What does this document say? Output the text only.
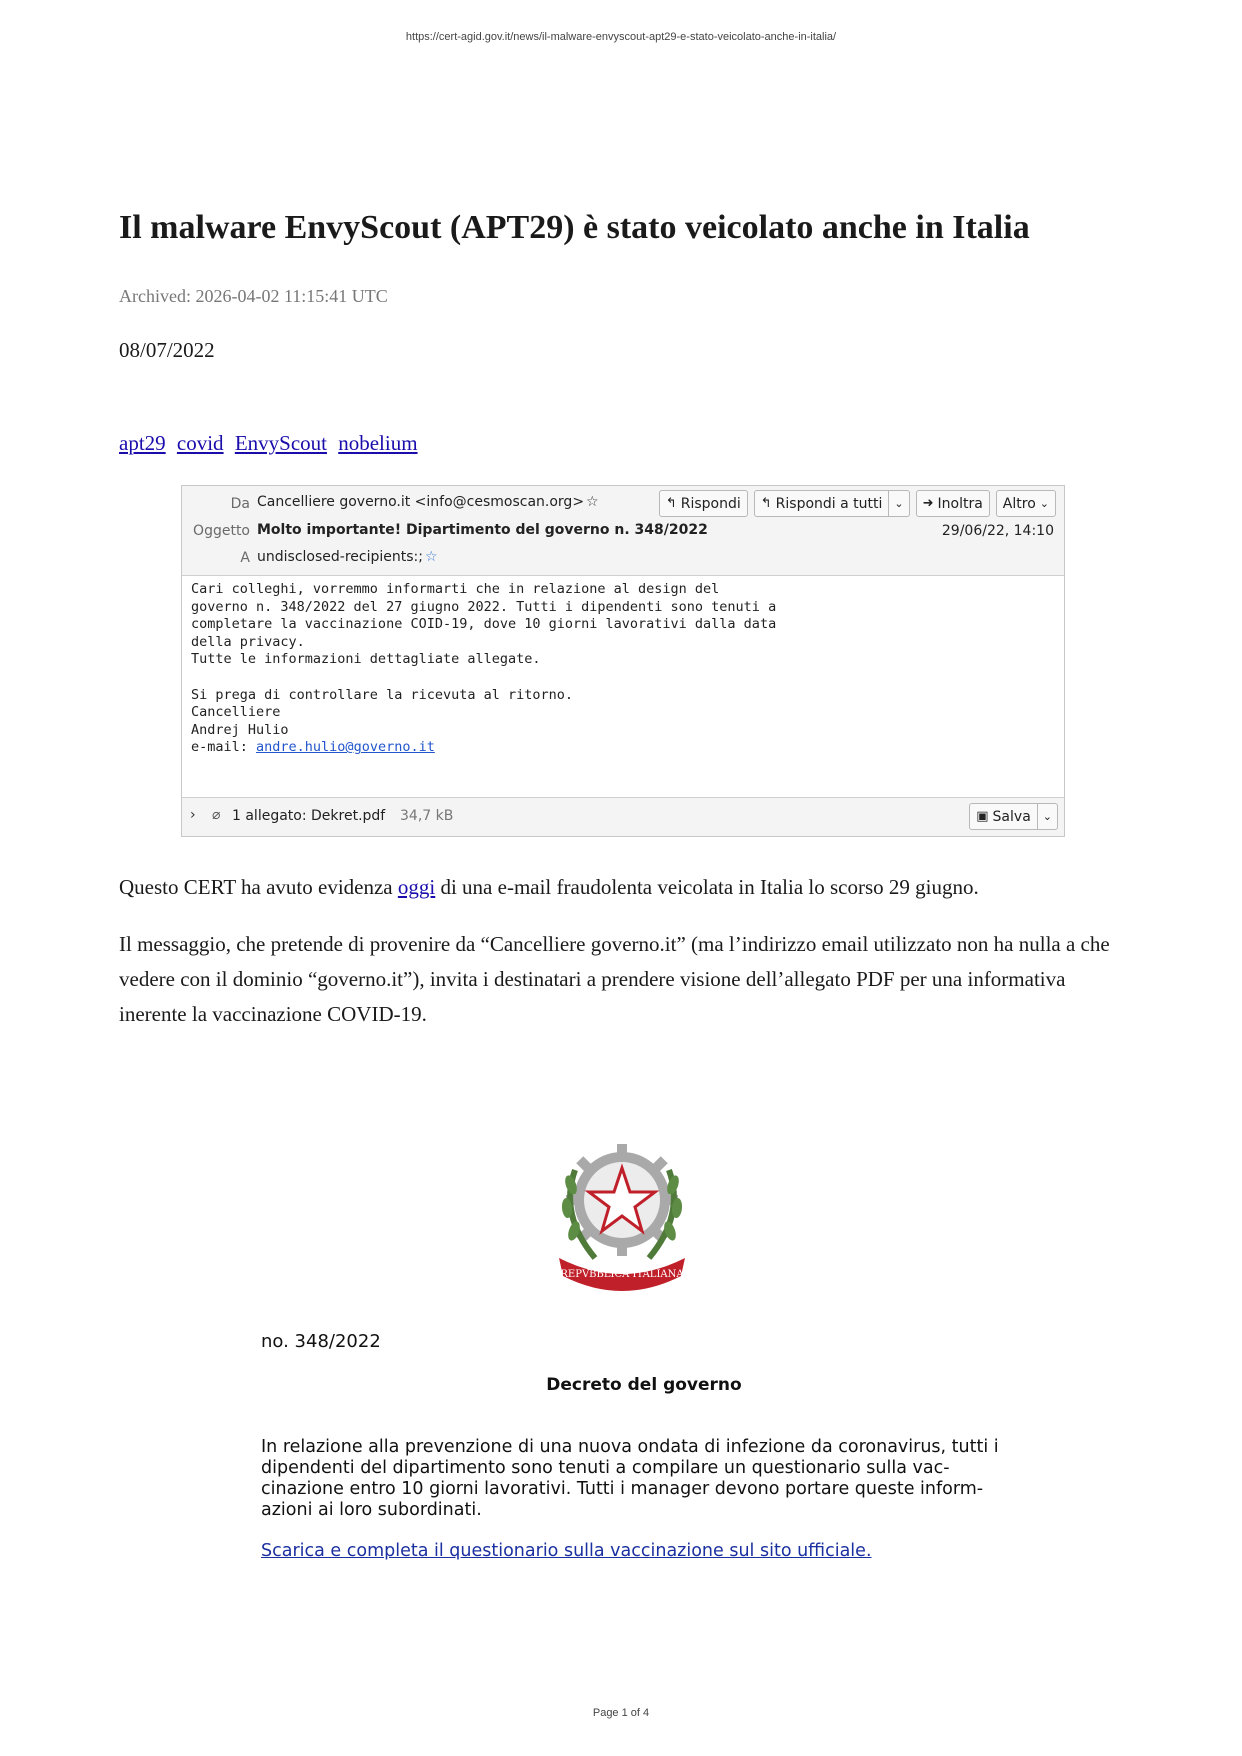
https://cert-agid.gov.it/news/il-malware-envyscout-apt29-e-stato-veicolato-anche-in-italia/
Il malware EnvyScout (APT29) è stato veicolato anche in Italia
Archived: 2026-04-02 11:15:41 UTC
08/07/2022
apt29 covid EnvyScout nobelium
Da Cancelliere governo.it <info@cesmoscan.org> ☆
Oggetto Molto importante! Dipartimento del governo n. 348/2022
A undisclosed-recipients:; ☆
↰ Rispondi ↰ Rispondi a tutti	⌄	➜ Inoltra Altro ⌄
29/06/22, 14:10
Cari colleghi, vorremmo informarti che in relazione al design del
governo n. 348/2022 del 27 giugno 2022. Tutti i dipendenti sono tenuti a
completare la vaccinazione COID-19, dove 10 giorni lavorativi dalla data
della privacy.
Tutte le informazioni dettagliate allegate.

Si prega di controllare la ricevuta al ritorno.
Cancelliere
Andrej Hulio
e-mail: andre.hulio@governo.it
› ⌀ 1 allegato: Dekret.pdf 34,7 kB	▣ Salva	⌄

Questo CERT ha avuto evidenza oggi di una e-mail fraudolenta veicolata in Italia lo scorso 29 giugno.

Il messaggio, che pretende di provenire da “Cancelliere governo.it” (ma l’indirizzo email utilizzato non ha nulla a che vedere con il dominio “governo.it”), invita i destinatari a prendere visione dell’allegato PDF per una informativa inerente la vaccinazione COVID-19.

REPVBBLICA ITALIANA
no. 348/2022
Decreto del governo

In relazione alla prevenzione di una nuova ondata di infezione da coronavirus, tutti i dipendenti del dipartimento sono tenuti a compilare un questionario sulla vac-cinazione entro 10 giorni lavorativi. Tutti i manager devono portare queste inform-azioni ai loro subordinati.

Scarica e completa il questionario sulla vaccinazione sul sito ufficiale.
Page 1 of 4
